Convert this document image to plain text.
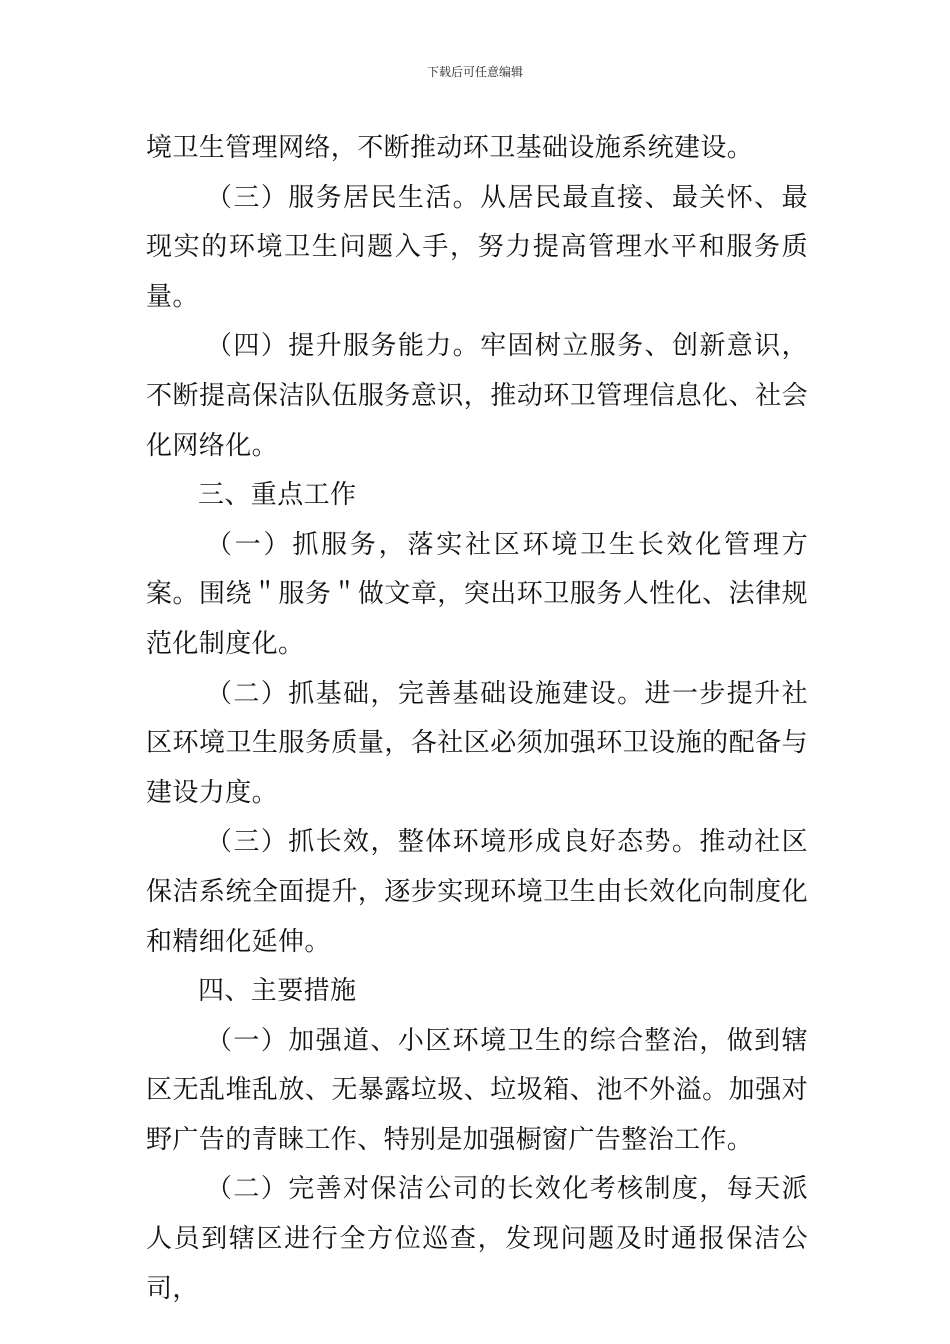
下载后可任意编辑

境卫生管理网络，不断推动环卫基础设施系统建设。

（三）服务居民生活。从居民最直接、最关怀、最现实的环境卫生问题入手，努力提高管理水平和服务质量。

（四）提升服务能力。牢固树立服务、创新意识，不断提高保洁队伍服务意识，推动环卫管理信息化、社会化网络化。

三、重点工作

（一）抓服务，落实社区环境卫生长效化管理方案。围绕＂服务＂做文章，突出环卫服务人性化、法律规范化制度化。

（二）抓基础，完善基础设施建设。进一步提升社区环境卫生服务质量，各社区必须加强环卫设施的配备与建设力度。

（三）抓长效，整体环境形成良好态势。推动社区保洁系统全面提升，逐步实现环境卫生由长效化向制度化和精细化延伸。

四、主要措施

（一）加强道、小区环境卫生的综合整治，做到辖区无乱堆乱放、无暴露垃圾、垃圾箱、池不外溢。加强对野广告的青睐工作、特别是加强橱窗广告整治工作。

（二）完善对保洁公司的长效化考核制度，每天派人员到辖区进行全方位巡查，发现问题及时通报保洁公司，
